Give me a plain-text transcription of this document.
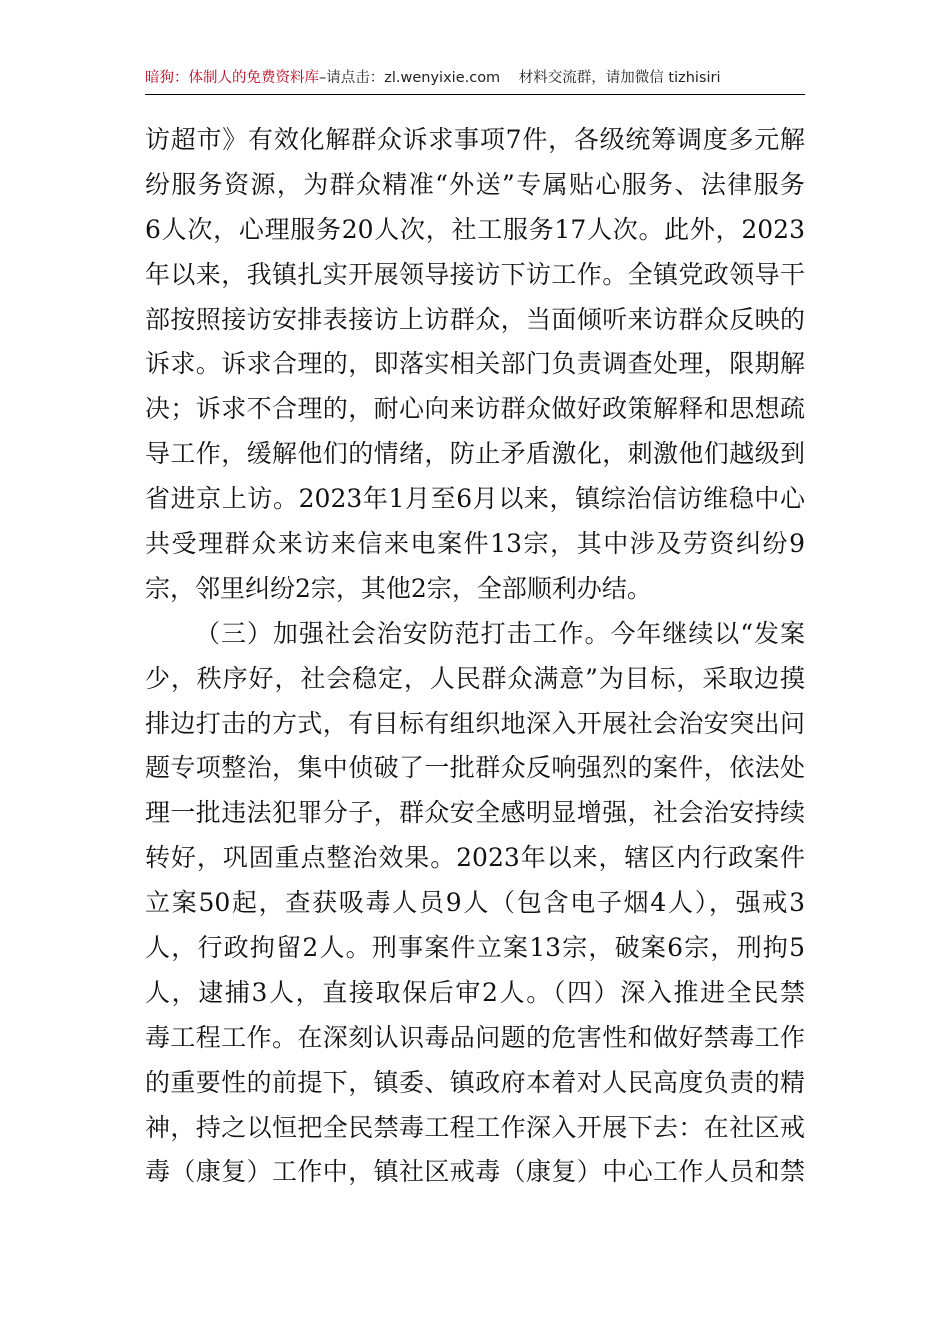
暗狗：体制人的免费资料库–请点击：zl.wenyixie.com 材料交流群，请加微信 tizhisiri
访超市》有效化解群众诉求事项7件，各级统筹调度多元解
纷服务资源，为群众精准“外送”专属贴心服务、法律服务
6人次，心理服务20人次，社工服务17人次。此外，2023
年以来，我镇扎实开展领导接访下访工作。全镇党政领导干
部按照接访安排表接访上访群众，当面倾听来访群众反映的
诉求。诉求合理的，即落实相关部门负责调查处理，限期解
决；诉求不合理的，耐心向来访群众做好政策解释和思想疏
导工作，缓解他们的情绪，防止矛盾激化，刺激他们越级到
省进京上访。2023年1月至6月以来，镇综治信访维稳中心
共受理群众来访来信来电案件13宗，其中涉及劳资纠纷9
宗，邻里纠纷2宗，其他2宗，全部顺利办结。
（三）加强社会治安防范打击工作。今年继续以“发案
少，秩序好，社会稳定，人民群众满意”为目标，采取边摸
排边打击的方式，有目标有组织地深入开展社会治安突出问
题专项整治，集中侦破了一批群众反响强烈的案件，依法处
理一批违法犯罪分子，群众安全感明显增强，社会治安持续
转好，巩固重点整治效果。2023年以来，辖区内行政案件
立案50起，查获吸毒人员9人（包含电子烟4人），强戒3
人，行政拘留2人。刑事案件立案13宗，破案6宗，刑拘5
人，逮捕3人，直接取保后审2人。（四）深入推进全民禁
毒工程工作。在深刻认识毒品问题的危害性和做好禁毒工作
的重要性的前提下，镇委、镇政府本着对人民高度负责的精
神，持之以恒把全民禁毒工程工作深入开展下去：在社区戒
毒（康复）工作中，镇社区戒毒（康复）中心工作人员和禁
